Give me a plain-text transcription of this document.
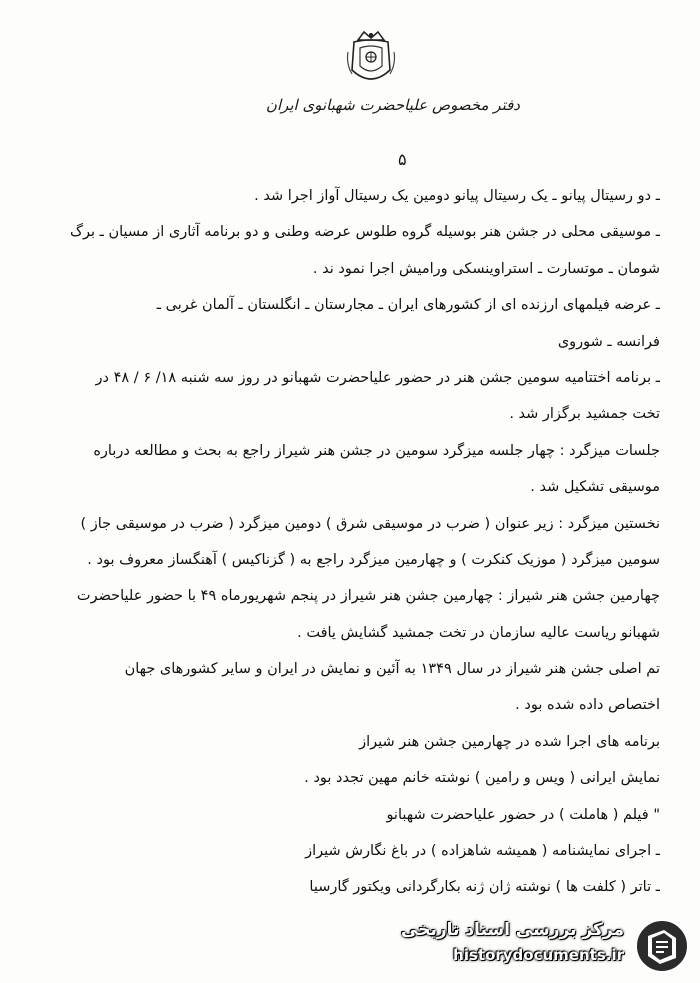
دفتر مخصوص علیاحضرت شهبانوی ایران
۵
ـ دو رسیتال پیانو ـ یک رسیتال پیانو دومین یک رسیتال آواز اجرا شد .
ـ موسیقی محلی در جشن هنر بوسیله گروه طلوس عرضه وطنی و دو برنامه آثاری از مسیان ـ برگ
شومان ـ موتسارت ـ استراوینسکی ورامیش اجرا نمود ند .
ـ عرضه فیلمهای ارزنده ای از کشورهای ایران ـ مجارستان ـ انگلستان ـ آلمان غربی ـ
فرانسه ـ شوروی
ـ برنامه اختتامیه سومین جشن هنر در حضور علیاحضرت شهبانو در روز سه شنبه ۱۸/ ۶ / ۴۸ در
تخت جمشید برگزار شد .
جلسات میزگرد : چهار جلسه میزگرد سومین در جشن هنر شیراز راجع به بحث و مطالعه درباره
موسیقی تشکیل شد .
نخستین میزگرد : زیر عنوان ( ضرب در موسیقی شرق ) دومین میزگرد ( ضرب در موسیقی جاز )
سومین میزگرد ( موزیک کنکرت ) و چهارمین میزگرد راجع به ( گزناکیس ) آهنگساز معروف بود .
چهارمین جشن هنر شیراز : چهارمین جشن هنر شیراز در پنجم شهریورماه ۴۹ با حضور علیاحضرت
شهبانو ریاست عالیه سازمان در تخت جمشید گشایش یافت .
تم اصلی جشن هنر شیراز در سال ۱۳۴۹ به آئین و نمایش در ایران و سایر کشورهای جهان
اختصاص داده شده بود .
برنامه های اجرا شده در چهارمین جشن هنر شیراز
نمایش ایرانی ( ویس و رامین ) نوشته خانم مهین تجدد بود .
" فیلم ( هاملت ) در حضور علیاحضرت شهبانو
ـ اجرای نمایشنامه ( همیشه شاهزاده ) در باغ نگارش شیراز
ـ تاتر ( کلفت ها ) نوشته ژان ژنه بکارگردانی ویکتور گارسیا
مرکز بررسی اسناد تاریخی
historydocuments.ir
